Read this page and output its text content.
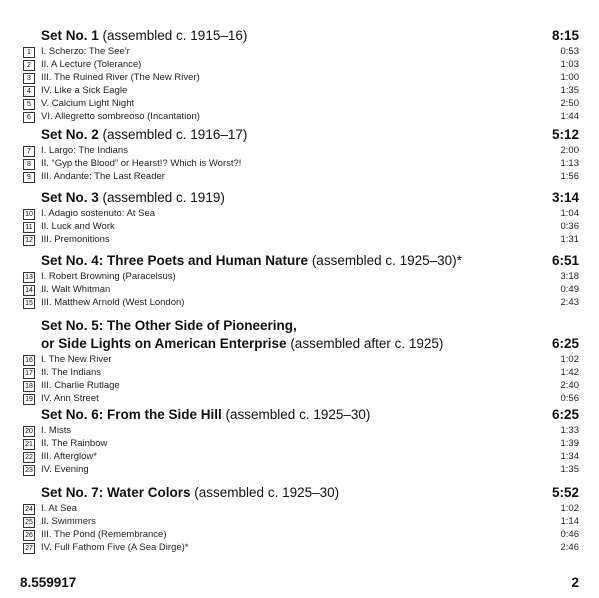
Set No. 1 (assembled c. 1915–16)	8:15
1	I. Scherzo: The See'r	0:53
2	II. A Lecture (Tolerance)	1:03
3	III. The Ruined River (The New River)	1:00
4	IV. Like a Sick Eagle	1:35
5	V. Calcium Light Night	2:50
6	VI. Allegretto sombreoso (Incantation)	1:44
Set No. 2 (assembled c. 1916–17)	5:12
7	I. Largo: The Indians	2:00
8	II. “Gyp the Blood” or Hearst!? Which is Worst?!	1:13
9	III. Andante: The Last Reader	1:56
Set No. 3 (assembled c. 1919)	3:14
10 I. Adagio sostenuto: At Sea	1:04
11 II. Luck and Work	0:36
12 III. Premonitions	1:31
Set No. 4: Three Poets and Human Nature (assembled c. 1925–30)*	6:51
13 I. Robert Browning (Paracelsus)	3:18
14 II. Walt Whitman	0:49
15 III. Matthew Arnold (West London)	2:43
Set No. 5: The Other Side of Pioneering,
or Side Lights on American Enterprise (assembled after c. 1925)	6:25
16 I. The New River	1:02
17 II. The Indians	1:42
18 III. Charlie Rutlage	2:40
19 IV. Ann Street	0:56
Set No. 6: From the Side Hill (assembled c. 1925–30)	6:25
20 I. Mists	1:33
21 II. The Rainbow	1:39
22 III. Afterglow*	1:34
23 IV. Evening	1:35
Set No. 7: Water Colors (assembled c. 1925–30)	5:52
24 I. At Sea	1:02
25 II. Swimmers	1:14
26 III. The Pond (Remembrance)	0:46
27 IV. Full Fathom Five (A Sea Dirge)*	2:46
8.559917	2
